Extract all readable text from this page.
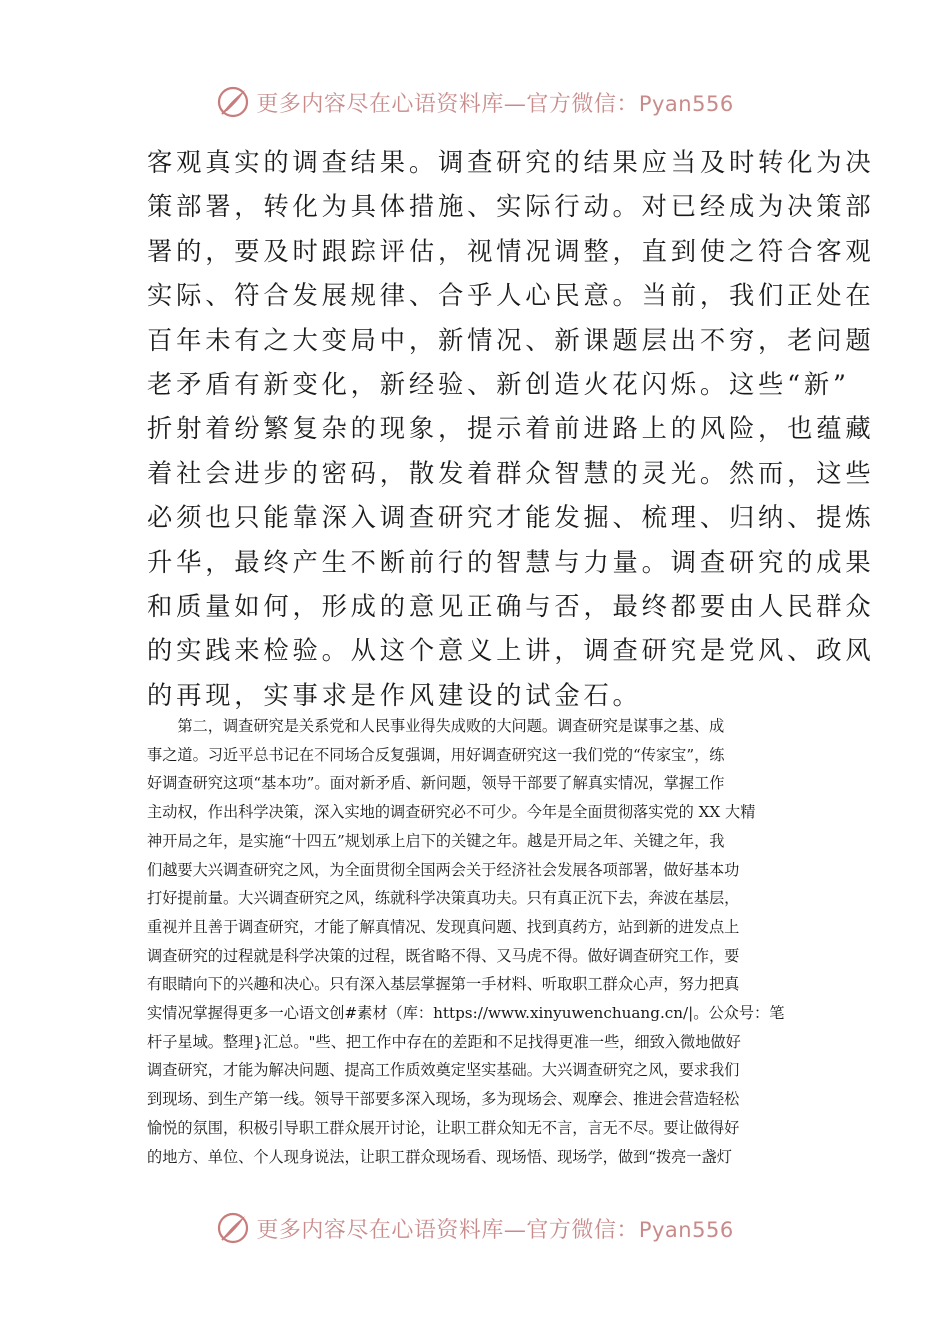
更多内容尽在心语资料库—官方微信：Pyan556
客观真实的调查结果。调查研究的结果应当及时转化为决
策部署，转化为具体措施、实际行动。对已经成为决策部
署的，要及时跟踪评估，视情况调整，直到使之符合客观
实际、符合发展规律、合乎人心民意。当前，我们正处在
百年未有之大变局中，新情况、新课题层出不穷，老问题
老矛盾有新变化，新经验、新创造火花闪烁。这些“新”
折射着纷繁复杂的现象，提示着前进路上的风险，也蕴藏
着社会进步的密码，散发着群众智慧的灵光。然而，这些
必须也只能靠深入调查研究才能发掘、梳理、归纳、提炼
升华，最终产生不断前行的智慧与力量。调查研究的成果
和质量如何，形成的意见正确与否，最终都要由人民群众
的实践来检验。从这个意义上讲，调查研究是党风、政风
的再现，实事求是作风建设的试金石。
　　第二，调查研究是关系党和人民事业得失成败的大问题。调查研究是谋事之基、成
事之道。习近平总书记在不同场合反复强调，用好调查研究这一我们党的“传家宝”，练
好调查研究这项“基本功”。面对新矛盾、新问题，领导干部要了解真实情况，掌握工作
主动权，作出科学决策，深入实地的调查研究必不可少。今年是全面贯彻落实党的 XX 大精
神开局之年，是实施“十四五”规划承上启下的关键之年。越是开局之年、关键之年，我
们越要大兴调查研究之风，为全面贯彻全国两会关于经济社会发展各项部署，做好基本功
打好提前量。大兴调查研究之风，练就科学决策真功夫。只有真正沉下去，奔波在基层，
重视并且善于调查研究，才能了解真情况、发现真问题、找到真药方，站到新的进发点上
调查研究的过程就是科学决策的过程，既省略不得、又马虎不得。做好调查研究工作，要
有眼睛向下的兴趣和决心。只有深入基层掌握第一手材料、听取职工群众心声，努力把真
实情况掌握得更多一心语文创#素材（库：https://www.xinyuwenchuang.cn/|。公众号：笔
杆子星域。整理}汇总。"些、把工作中存在的差距和不足找得更准一些，细致入微地做好
调查研究，才能为解决问题、提高工作质效奠定坚实基础。大兴调查研究之风，要求我们
到现场、到生产第一线。领导干部要多深入现场，多为现场会、观摩会、推进会营造轻松
愉悦的氛围，积极引导职工群众展开讨论，让职工群众知无不言，言无不尽。要让做得好
的地方、单位、个人现身说法，让职工群众现场看、现场悟、现场学，做到“拨亮一盏灯
更多内容尽在心语资料库—官方微信：Pyan556
